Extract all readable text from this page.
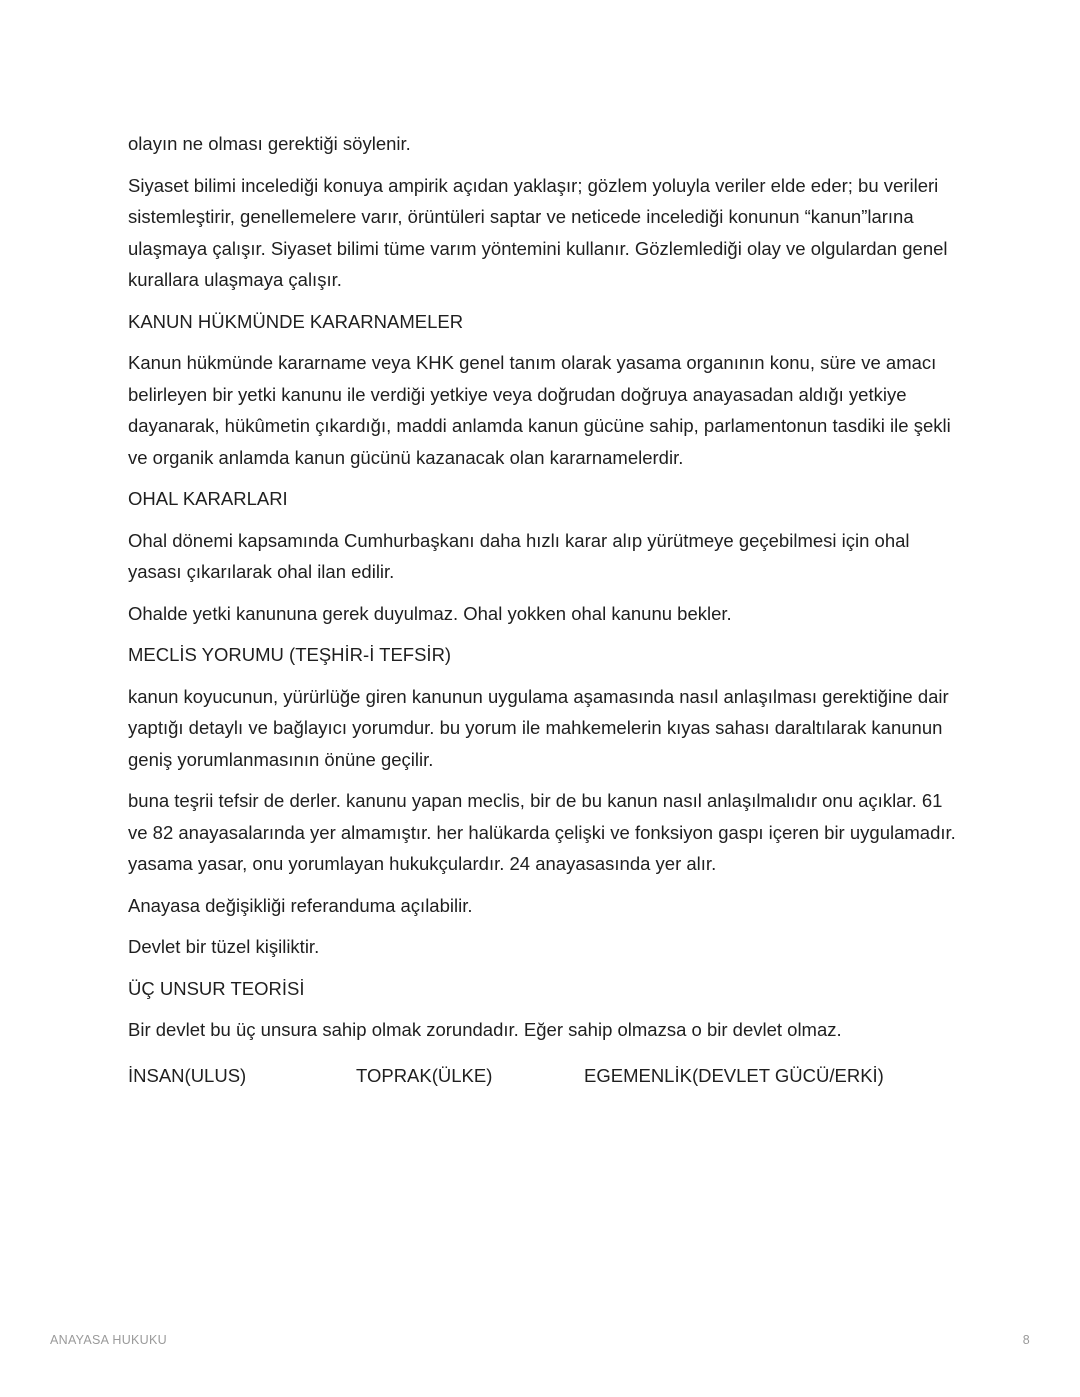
olayın ne olması gerektiği söylenir.

Siyaset bilimi incelediği konuya ampirik açıdan yaklaşır; gözlem yoluyla veriler elde eder; bu verileri sistemleştirir, genellemelere varır, örüntüleri saptar ve neticede incelediği konunun “kanun”larına ulaşmaya çalışır. Siyaset bilimi tüme varım yöntemini kullanır. Gözlemlediği olay ve olgulardan genel kurallara ulaşmaya çalışır.

KANUN HÜKMÜNDE KARARNAMELER

Kanun hükmünde kararname veya KHK genel tanım olarak yasama organının konu, süre ve amacı belirleyen bir yetki kanunu ile verdiği yetkiye veya doğrudan doğruya anayasadan aldığı yetkiye dayanarak, hükûmetin çıkardığı, maddi anlamda kanun gücüne sahip, parlamentonun tasdiki ile şekli ve organik anlamda kanun gücünü kazanacak olan kararnamelerdir.

OHAL KARARLARI

Ohal dönemi kapsamında Cumhurbaşkanı daha hızlı karar alıp yürütmeye geçebilmesi için ohal yasası çıkarılarak ohal ilan edilir.

Ohalde yetki kanununa gerek duyulmaz. Ohal yokken ohal kanunu bekler.

MECLİS YORUMU (TEŞHİR-İ TEFSİR)

kanun koyucunun, yürürlüğe giren kanunun uygulama aşamasında nasıl anlaşılması gerektiğine dair yaptığı detaylı ve bağlayıcı yorumdur. bu yorum ile mahkemelerin kıyas sahası daraltılarak kanunun geniş yorumlanmasının önüne geçilir.

buna teşrii tefsir de derler. kanunu yapan meclis, bir de bu kanun nasıl anlaşılmalıdır onu açıklar. 61 ve 82 anayasalarında yer almamıştır. her halükarda çelişki ve fonksiyon gaspı içeren bir uygulamadır. yasama yasar, onu yorumlayan hukukçulardır. 24 anayasasında yer alır.

Anayasa değişikliği referanduma açılabilir.

Devlet bir tüzel kişiliktir.

ÜÇ UNSUR TEORİSİ

Bir devlet bu üç unsura sahip olmak zorundadır. Eğer sahip olmazsa o bir devlet olmaz.

İNSAN(ULUS)	TOPRAK(ÜLKE)	EGEMENLİK(DEVLET GÜCÜ/ERKİ)
ANAYASA HUKUKU	8
